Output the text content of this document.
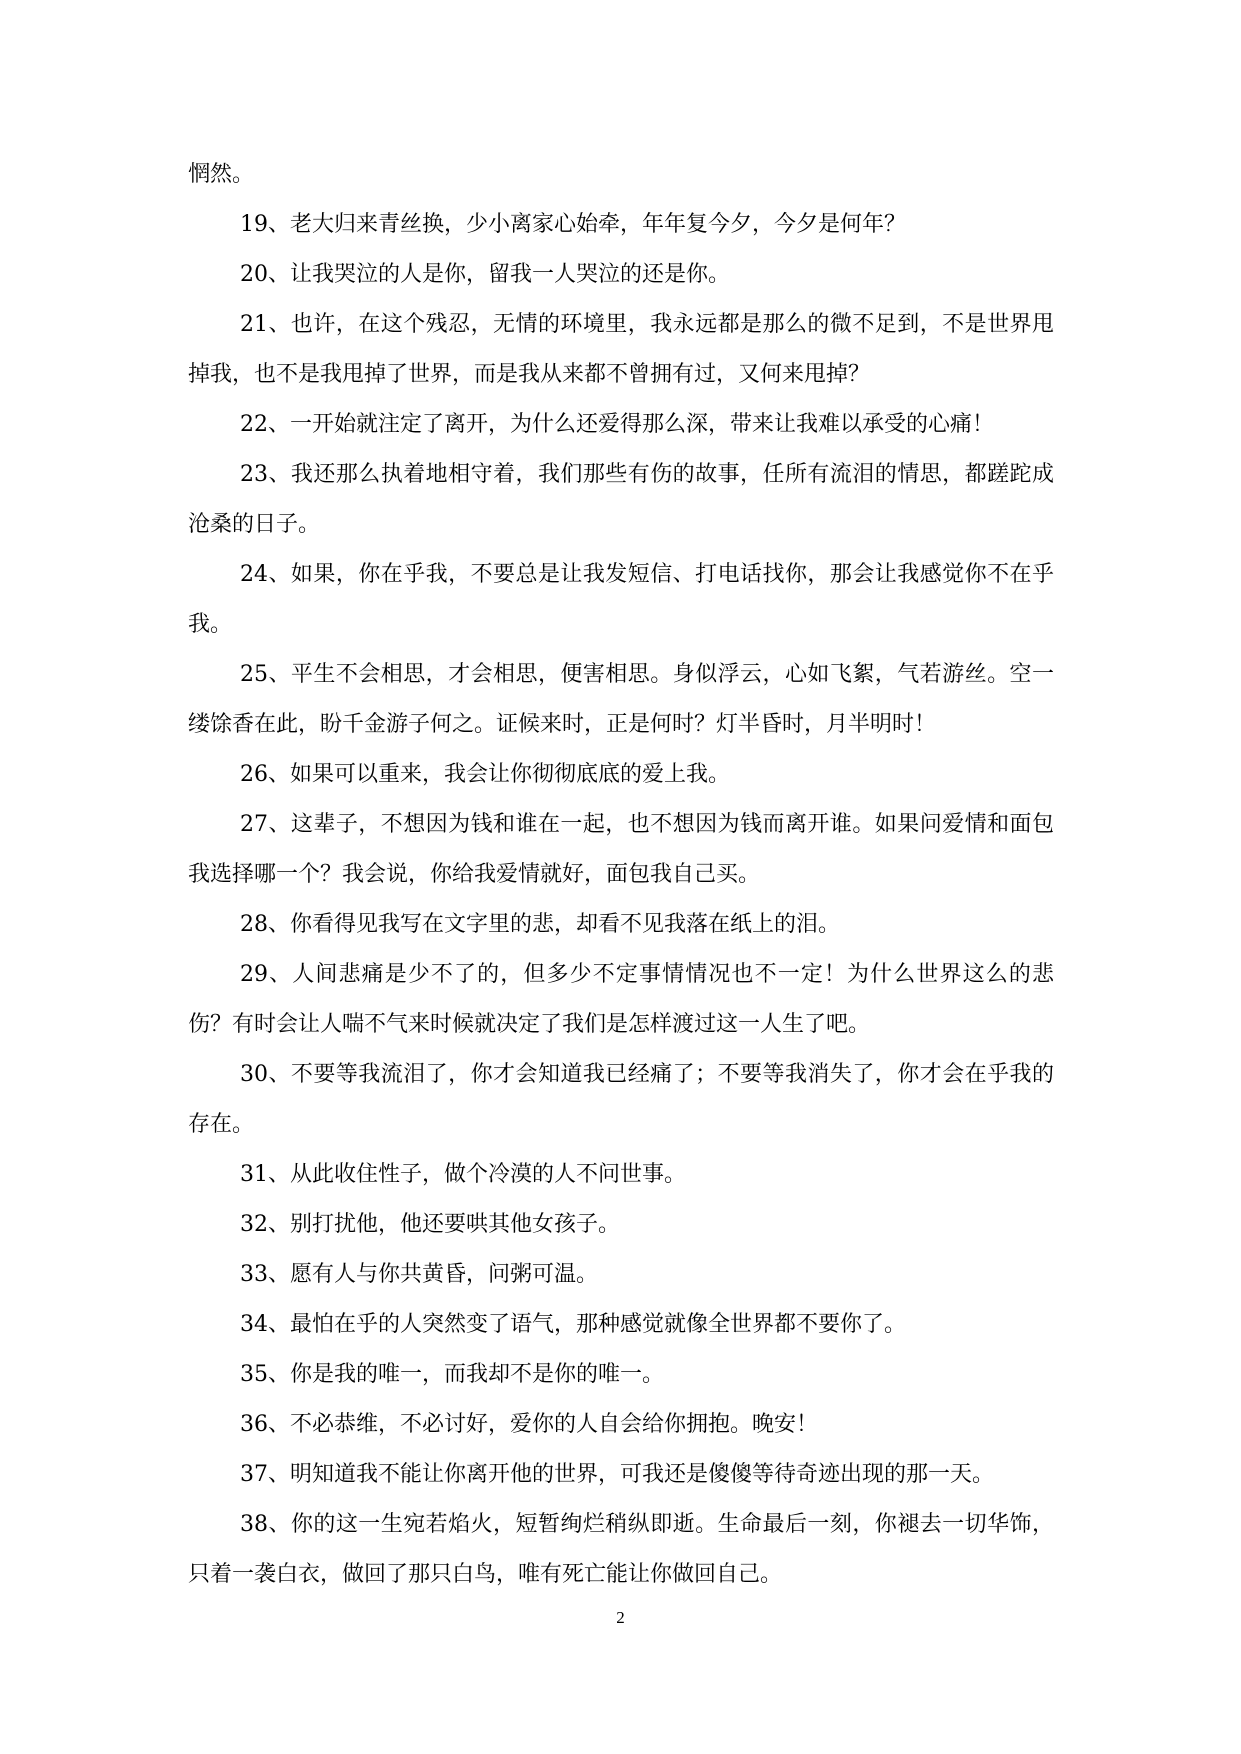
惘然。

19、老大归来青丝换，少小离家心始牵，年年复今夕，今夕是何年？

20、让我哭泣的人是你，留我一人哭泣的还是你。

21、也许，在这个残忍，无情的环境里，我永远都是那么的微不足到，不是世界甩掉我，也不是我甩掉了世界，而是我从来都不曾拥有过，又何来甩掉？

22、一开始就注定了离开，为什么还爱得那么深，带来让我难以承受的心痛！

23、我还那么执着地相守着，我们那些有伤的故事，任所有流泪的情思，都蹉跎成沧桑的日子。

24、如果，你在乎我，不要总是让我发短信、打电话找你，那会让我感觉你不在乎我。

25、平生不会相思，才会相思，便害相思。身似浮云，心如飞絮，气若游丝。空一缕馀香在此，盼千金游子何之。证候来时，正是何时？灯半昏时，月半明时！

26、如果可以重来，我会让你彻彻底底的爱上我。

27、这辈子，不想因为钱和谁在一起，也不想因为钱而离开谁。如果问爱情和面包我选择哪一个？我会说，你给我爱情就好，面包我自己买。

28、你看得见我写在文字里的悲，却看不见我落在纸上的泪。

29、人间悲痛是少不了的，但多少不定事情情况也不一定！为什么世界这么的悲伤？有时会让人喘不气来时候就决定了我们是怎样渡过这一人生了吧。

30、不要等我流泪了，你才会知道我已经痛了；不要等我消失了，你才会在乎我的存在。

31、从此收住性子，做个冷漠的人不问世事。

32、别打扰他，他还要哄其他女孩子。

33、愿有人与你共黄昏，问粥可温。

34、最怕在乎的人突然变了语气，那种感觉就像全世界都不要你了。

35、你是我的唯一，而我却不是你的唯一。

36、不必恭维，不必讨好，爱你的人自会给你拥抱。晚安！

37、明知道我不能让你离开他的世界，可我还是傻傻等待奇迹出现的那一天。

38、你的这一生宛若焰火，短暂绚烂稍纵即逝。生命最后一刻，你褪去一切华饰，只着一袭白衣，做回了那只白鸟，唯有死亡能让你做回自己。

2
